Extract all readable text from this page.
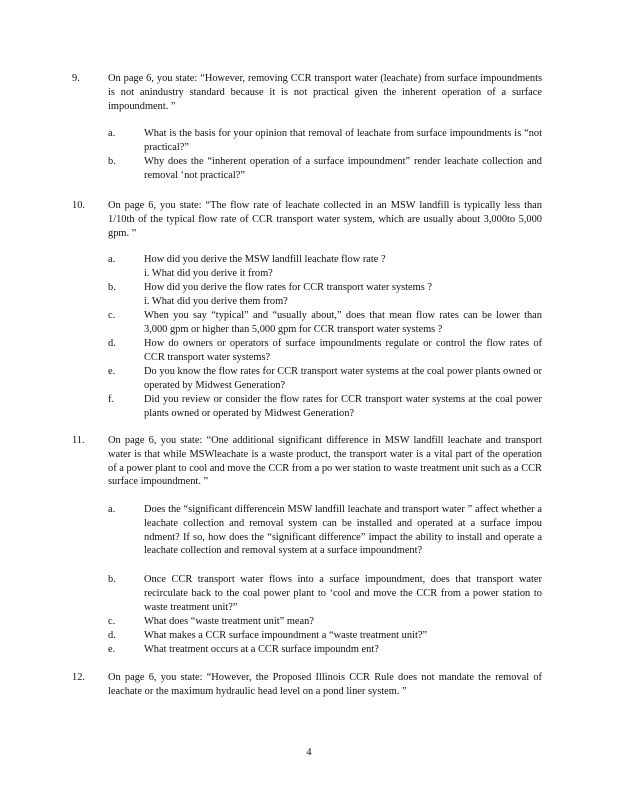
9.	On page 6, you state: “However, removing CCR transport water (leachate) from surface impoundments is not anindustry standard because it is not practical given the inherent operation of a surface impoundment. ”
a.	What is the basis for your opinion that removal of leachate from surface impoundments is “not practical?”
b.	Why does the “inherent operation of a surface impoundment” render leachate collection and removal ‘not practical?”
10.	On page 6, you state: “The flow rate of leachate collected in an MSW landfill is typically less than 1/10th of the typical flow rate of CCR transport water system, which are usually about 3,000to 5,000 gpm. ”
a.	How did you derive the MSW landfill leachate flow rate ?
i. What did you derive it from?
b.	How did you derive the flow rates for CCR transport water systems ?
i. What did you derive them from?
c.	When you say “typical” and “usually about,” does that mean flow rates can be lower than 3,000 gpm or higher than 5,000 gpm for CCR transport water systems ?
d.	How do owners or operators of surface impoundments regulate or control the flow rates of CCR transport water systems?
e.	Do you know the flow rates for CCR transport water systems at the coal power plants owned or operated by Midwest Generation?
f.	Did you review or consider the flow rates for CCR transport water systems at the coal power plants owned or operated by Midwest Generation?
11.	On page 6, you state: “One additional significant difference in MSW landfill leachate and transport water is that while MSWleachate is a waste product, the transport water is a vital part of the operation of a power plant to cool and move the CCR from a po wer station to waste treatment unit such as a CCR surface impoundment. ”
a.	Does the “significant differencein MSW landfill leachate and transport water ” affect whether a leachate collection and removal system can be installed and operated at a surface impou ndment? If so, how does the “significant difference” impact the ability to install and operate a leachate collection and removal system at a surface impoundment?
b.	Once CCR transport water flows into a surface impoundment, does that transport water recirculate back to the coal power plant to ‘cool and move the CCR from a power station to waste treatment unit?”
c.	What does “waste treatment unit” mean?
d.	What makes a CCR surface impoundment a “waste treatment unit?”
e.	What treatment occurs at a CCR surface impoundm ent?
12.	On page 6, you state: “However, the Proposed Illinois CCR Rule does not mandate the removal of leachate or the maximum hydraulic head level on a pond liner system. ”
4
